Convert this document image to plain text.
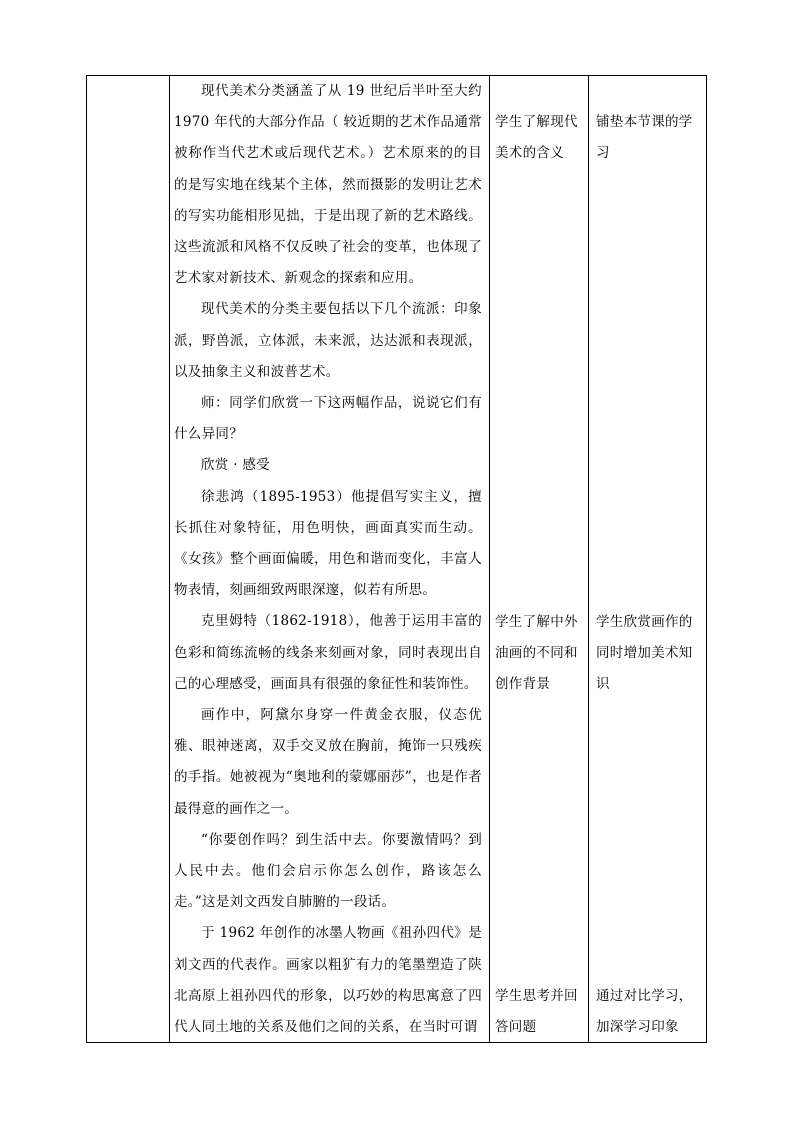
现代美术分类涵盖了从 19 世纪后半叶至大约 1970 年代的大部分作品（ 较近期的艺术作品通常被称作当代艺术或后现代艺术。）艺术原来的的目的是写实地在线某个主体，然而摄影的发明让艺术的写实功能相形见拙，于是出现了新的艺术路线。这些流派和风格不仅反映了社会的变革，也体现了艺术家对新技术、新观念的探索和应用。

现代美术的分类主要包括以下几个流派：印象派，野兽派，立体派，未来派，达达派和表现派，以及抽象主义和波普艺术。

师：同学们欣赏一下这两幅作品，说说它们有什么异同？

欣赏 · 感受

徐悲鸿（1895-1953）他提倡写实主义，擅长抓住对象特征，用色明快，画面真实而生动。《女孩》整个画面偏暖，用色和谐而变化，丰富人物表情，刻画细致两眼深邃，似若有所思。

克里姆特（1862-1918），他善于运用丰富的色彩和简练流畅的线条来刻画对象，同时表现出自己的心理感受，画面具有很强的象征性和装饰性。

画作中，阿黛尔身穿一件黄金衣服，仪态优雅、眼神迷离，双手交叉放在胸前，掩饰一只残疾的手指。她被视为“奥地利的蒙娜丽莎”，也是作者最得意的画作之一。

“你要创作吗？到生活中去。你要激情吗？到人民中去。他们会启示你怎么创作，路该怎么走。”这是刘文西发自肺腑的一段话。

于 1962 年创作的冰墨人物画《祖孙四代》是刘文西的代表作。画家以粗犷有力的笔墨塑造了陕北高原上祖孙四代的形象，以巧妙的构思寓意了四代人同土地的关系及他们之间的关系，在当时可谓

学生了解现代美术的含义
学生了解中外油画的不同和创作背景
学生思考并回答问题
铺垫本节课的学习
学生欣赏画作的同时增加美术知识
通过对比学习，加深学习印象
